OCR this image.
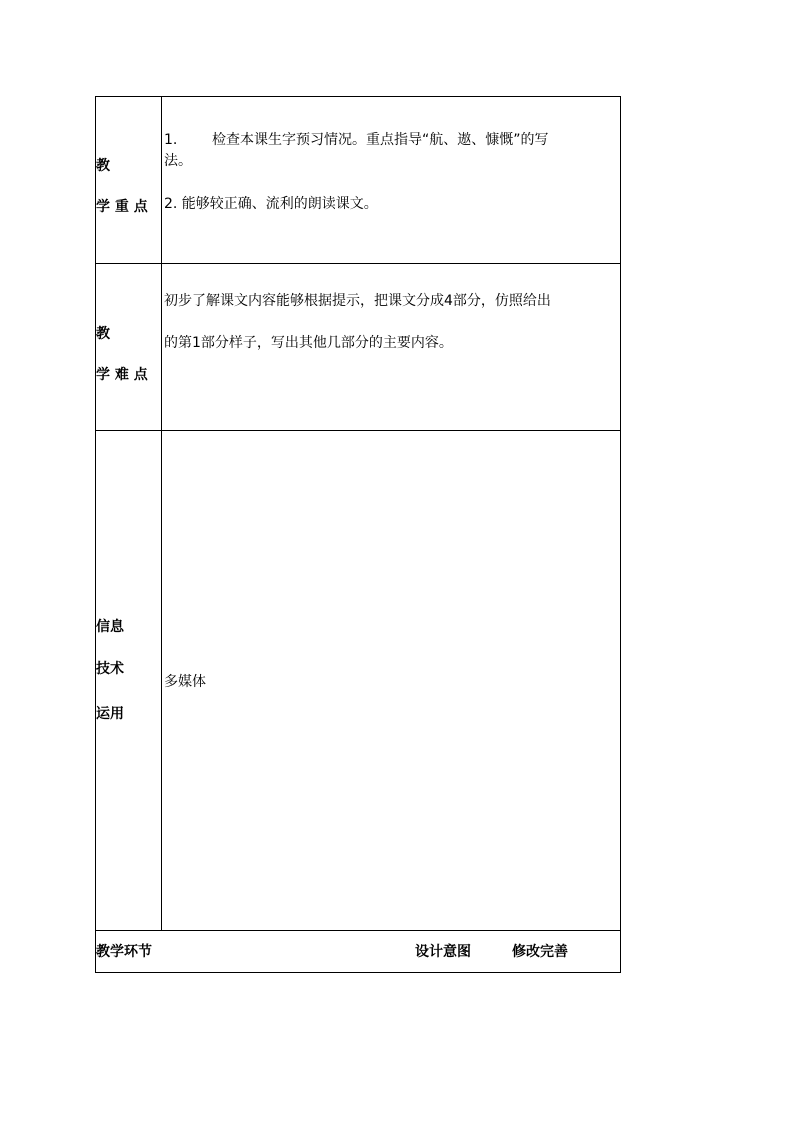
教
学 重 点
1. 检查本课生字预习情况。重点指导“航、遨、慷慨”的写
法。
2. 能够较正确、流利的朗读课文。
教
学 难 点
初步了解课文内容能够根据提示，把课文分成4部分，仿照给出
的第1部分样子，写出其他几部分的主要内容。
信息
技术
运用
多媒体
教学环节	设计意图	修改完善
